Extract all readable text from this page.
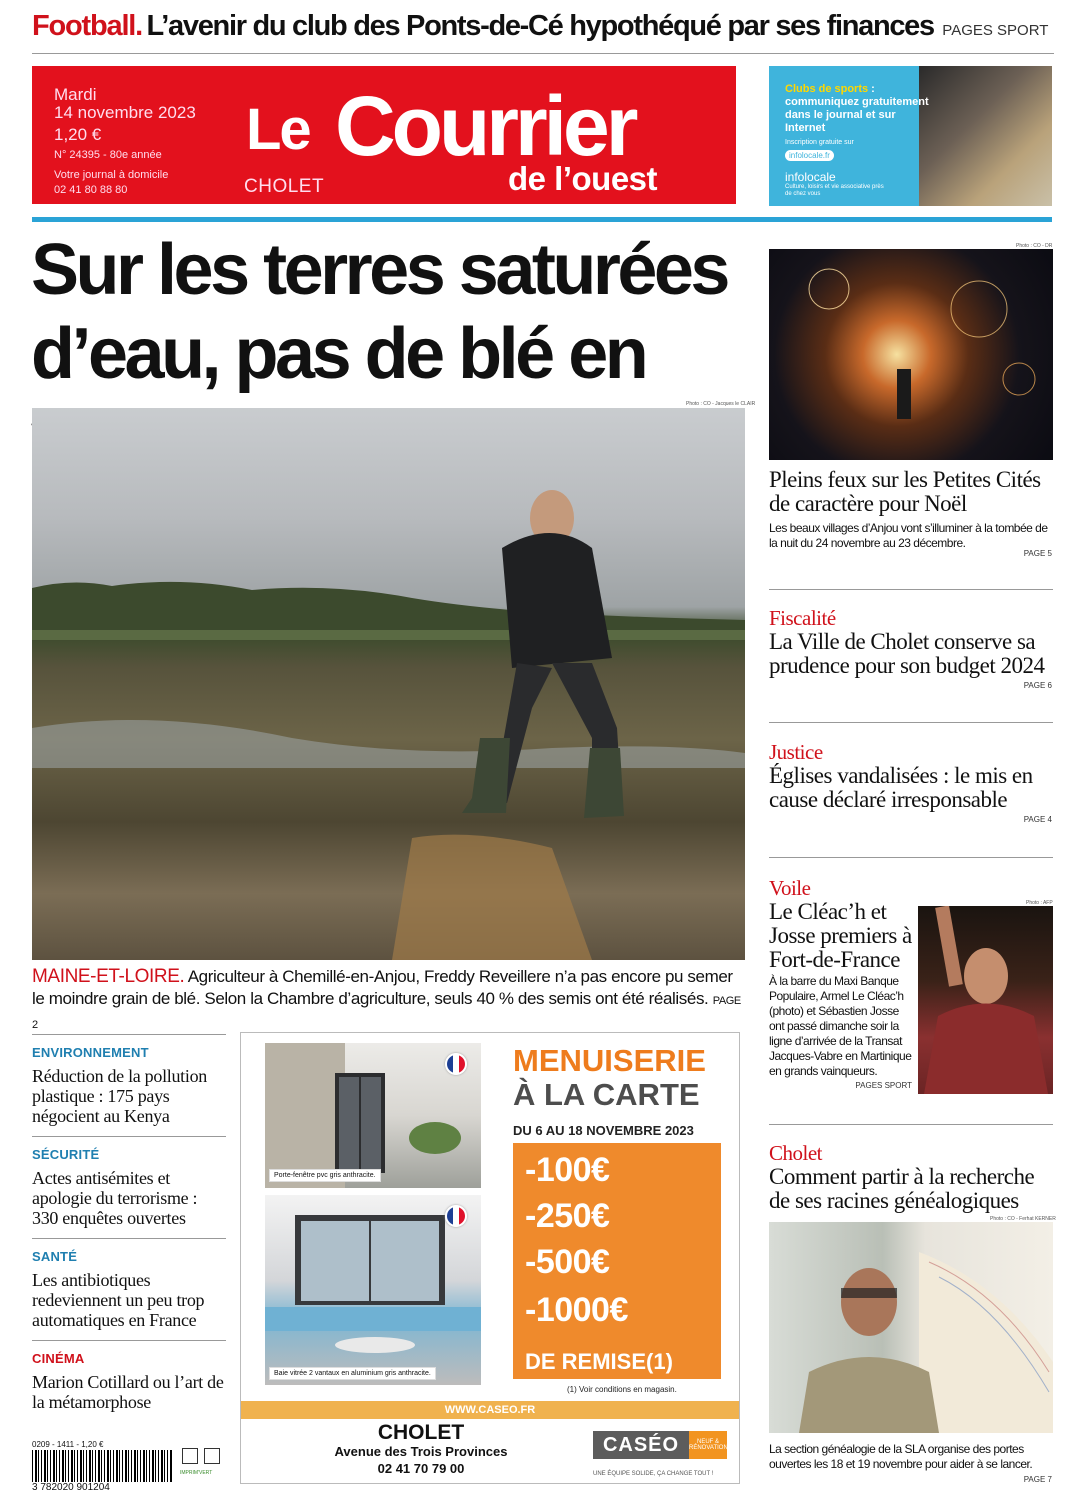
Football. L’avenir du club des Ponts-de-Cé hypothéqué par ses finances PAGES SPORT
Mardi
14 novembre 2023
1,20 €
N° 24395 - 80e année
Votre journal à domicile
02 41 80 88 80
Le Courrier
de l’ouest
CHOLET
Clubs de sports :
communiquez gratuitement dans le journal et sur Internet
Inscription gratuite sur
infolocale.fr
infolocale
Culture, loisirs et vie associative près de chez vous
Sur les terres saturées
d’eau, pas de blé en
Photo : CO - Jacques le CLAIR
MAINE-ET-LOIRE. Agriculteur à Chemillé-en-Anjou, Freddy Reveillere n’a pas encore pu semer le moindre grain de blé. Selon la Chambre d’agriculture, seuls 40 % des semis ont été réalisés. PAGE 2
ENVIRONNEMENT
Réduction de la pollution plastique : 175 pays négocient au Kenya
SÉCURITÉ
Actes antisémites et apologie du terrorisme : 330 enquêtes ouvertes
SANTÉ
Les antibiotiques redeviennent un peu trop automatiques en France
CINÉMA
Marion Cotillard ou l’art de la métamorphose
Porte-fenêtre pvc gris anthracite.
Baie vitrée 2 vantaux en aluminium gris anthracite.
MENUISERIE
À LA CARTE
DU 6 AU 18 NOVEMBRE 2023
-100€
-250€
-500€
-1000€
DE REMISE(1)
(1) Voir conditions en magasin.
WWW.CASEO.FR
CHOLET
Avenue des Trois Provinces
02 41 70 79 00
CASÉO	NEUF & RÉNOVATION
UNE ÉQUIPE SOLIDE, ÇA CHANGE TOUT !
0209 - 1411 - 1,20 €
3 782020 901204
IMPRIM'VERT
Photo : CO - DR
Pleins feux sur les Petites Cités de caractère pour Noël
Les beaux villages d’Anjou vont s’illuminer à la tombée de la nuit du 24 novembre au 23 décembre.
PAGE 5
Fiscalité
La Ville de Cholet conserve sa prudence pour son budget 2024
PAGE 6
Justice
Églises vandalisées : le mis en cause déclaré irresponsable
PAGE 4
Voile
Le Cléac’h et Josse premiers à Fort-de-France
À la barre du Maxi Banque Populaire, Armel Le Cléac’h (photo) et Sébastien Josse ont passé dimanche soir la ligne d’arrivée de la Transat Jacques-Vabre en Martinique en grands vainqueurs.
PAGES SPORT
Photo : AFP
Cholet
Comment partir à la recherche de ses racines généalogiques
Photo : CO - Ferhat KERNER
La section généalogie de la SLA organise des portes ouvertes les 18 et 19 novembre pour aider à se lancer.
PAGE 7
